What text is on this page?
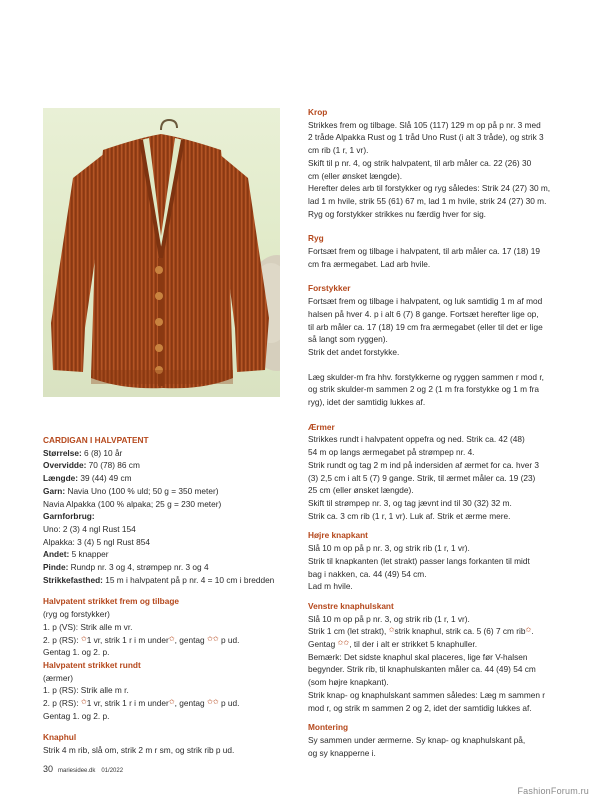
CARDIGAN I HALVPATENT

Størrelse: 6 (8) 10 år

Overvidde: 70 (78) 86 cm

Længde: 39 (44) 49 cm

Garn: Navia Uno (100 % uld; 50 g = 350 meter)

Navia Alpakka (100 % alpaka; 25 g = 230 meter)

Garnforbrug:

Uno: 2 (3) 4 ngl Rust 154

Alpakka: 3 (4) 5 ngl Rust 854

Andet: 5 knapper

Pinde: Rundp nr. 3 og 4, strømpep nr. 3 og 4

Strikkefasthed: 15 m i halvpatent på p nr. 4 = 10 cm i bredden

Halvpatent strikket frem og tilbage

(ryg og forstykker)

1. p (VS): Strik alle m vr.

2. p (RS): ✩1 vr, strik 1 r i m under✩, gentag ✩✩ p ud.

Gentag 1. og 2. p.

Halvpatent strikket rundt

(ærmer)

1. p (RS): Strik alle m r.

2. p (RS): ✩1 vr, strik 1 r i m under✩, gentag ✩✩ p ud.

Gentag 1. og 2. p.

Knaphul

Strik 4 m rib, slå om, strik 2 m r sm, og strik rib p ud.

Krop

Strikkes frem og tilbage. Slå 105 (117) 129 m op på p nr. 3 med

2 tråde Alpakka Rust og 1 tråd Uno Rust (i alt 3 tråde), og strik 3

cm rib (1 r, 1 vr).

Skift til p nr. 4, og strik halvpatent, til arb måler ca. 22 (26) 30

cm (eller ønsket længde).

Herefter deles arb til forstykker og ryg således: Strik 24 (27) 30 m,

lad 1 m hvile, strik 55 (61) 67 m, lad 1 m hvile, strik 24 (27) 30 m.

Ryg og forstykker strikkes nu færdig hver for sig.

Ryg

Fortsæt frem og tilbage i halvpatent, til arb måler ca. 17 (18) 19

cm fra ærmegabet. Lad arb hvile.

Forstykker

Fortsæt frem og tilbage i halvpatent, og luk samtidig 1 m af mod

halsen på hver 4. p i alt 6 (7) 8 gange. Fortsæt herefter lige op,

til arb måler ca. 17 (18) 19 cm fra ærmegabet (eller til det er lige

så langt som ryggen).

Strik det andet forstykke.

Læg skulder-m fra hhv. forstykkerne og ryggen sammen r mod r,

og strik skulder-m sammen 2 og 2 (1 m fra forstykke og 1 m fra

ryg), idet der samtidig lukkes af.

Ærmer

Strikkes rundt i halvpatent oppefra og ned. Strik ca. 42 (48)

54 m op langs ærmegabet på strømpep nr. 4.

Strik rundt og tag 2 m ind på indersiden af ærmet for ca. hver 3

(3) 2,5 cm i alt 5 (7) 9 gange. Strik, til ærmet måler ca. 19 (23)

25 cm (eller ønsket længde).

Skift til strømpep nr. 3, og tag jævnt ind til 30 (32) 32 m.

Strik ca. 3 cm rib (1 r, 1 vr). Luk af. Strik et ærme mere.

Højre knapkant

Slå 10 m op på p nr. 3, og strik rib (1 r, 1 vr).

Strik til knapkanten (let strakt) passer langs forkanten til midt

bag i nakken, ca. 44 (49) 54 cm.

Lad m hvile.

Venstre knaphulskant

Slå 10 m op på p nr. 3, og strik rib (1 r, 1 vr).

Strik 1 cm (let strakt), ✩strik knaphul, strik ca. 5 (6) 7 cm rib✩.

Gentag ✩✩, til der i alt er strikket 5 knaphuller.

Bemærk: Det sidste knaphul skal placeres, lige før V-halsen

begynder. Strik rib, til knaphulskanten måler ca. 44 (49) 54 cm

(som højre knapkant).

Strik knap- og knaphulskant sammen således: Læg m sammen r

mod r, og strik m sammen 2 og 2, idet der samtidig lukkes af.

Montering

Sy sammen under ærmerne. Sy knap- og knaphulskant på,

og sy knapperne i.

30 mariesidee.dk 01/2022
FashionForum.ru
